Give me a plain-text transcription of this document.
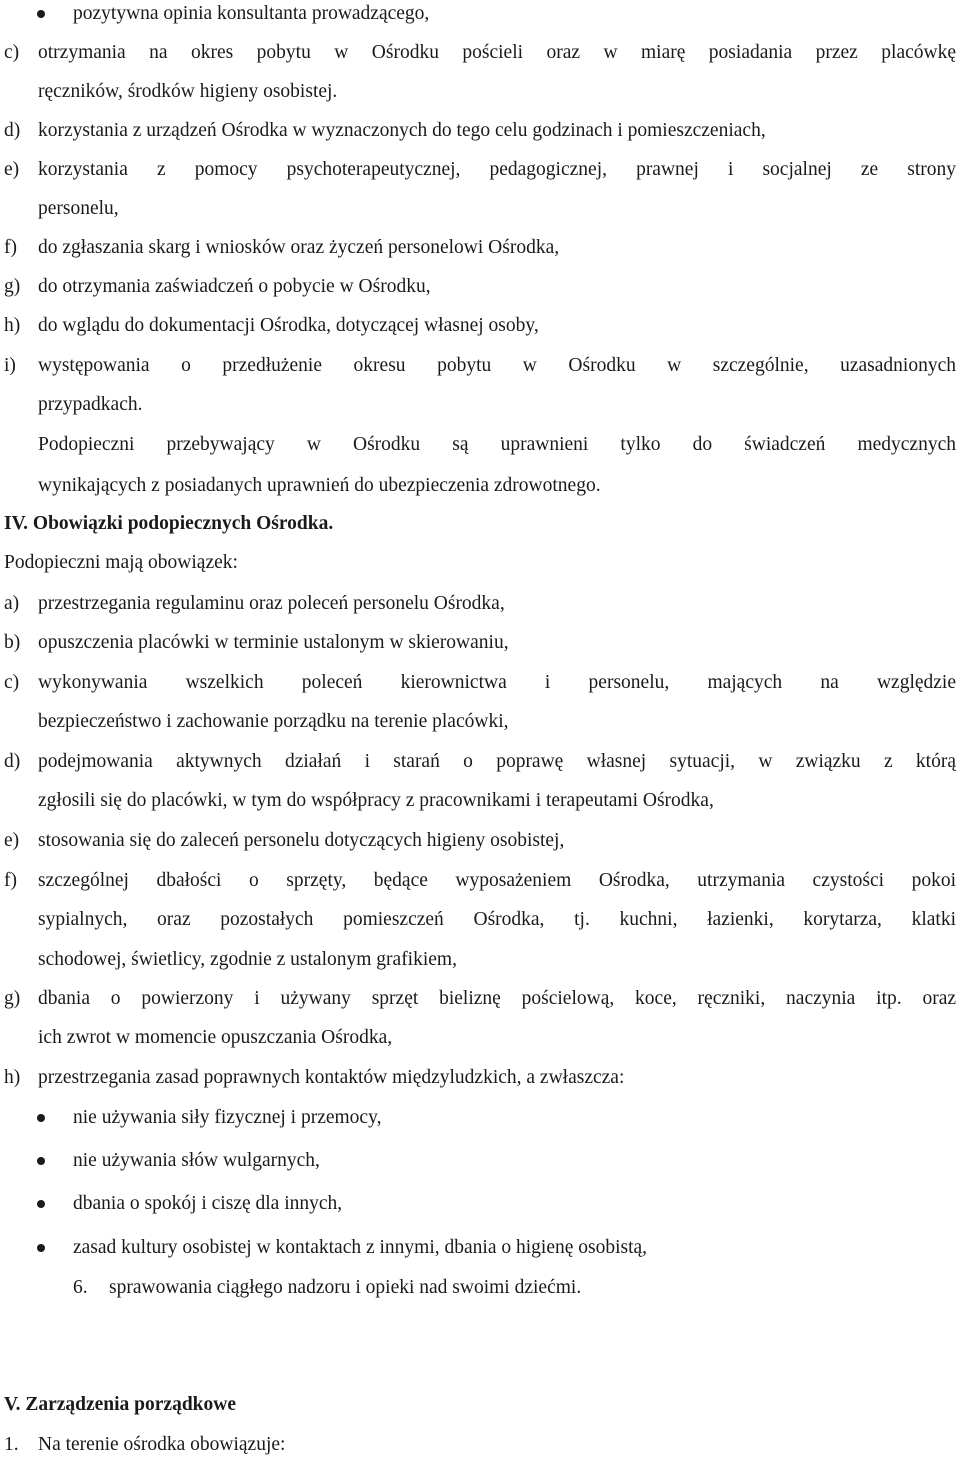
pozytywna opinia konsultanta prowadzącego,
c) otrzymania na okres pobytu w Ośrodku pościeli oraz w miarę posiadania przez placówkę
ręczników, środków higieny osobistej.
d) korzystania z urządzeń Ośrodka w wyznaczonych do tego celu godzinach i pomieszczeniach,
e) korzystania z pomocy psychoterapeutycznej, pedagogicznej, prawnej i socjalnej ze strony
personelu,
f) do zgłaszania skarg i wniosków oraz życzeń personelowi Ośrodka,
g) do otrzymania zaświadczeń o pobycie w Ośrodku,
h) do wglądu do dokumentacji Ośrodka, dotyczącej własnej osoby,
i) występowania o przedłużenie okresu pobytu w Ośrodku w szczególnie, uzasadnionych
przypadkach.
Podopieczni przebywający w Ośrodku są uprawnieni tylko do świadczeń medycznych
wynikających z posiadanych uprawnień do ubezpieczenia zdrowotnego.
IV. Obowiązki podopiecznych Ośrodka.
Podopieczni mają obowiązek:
a) przestrzegania regulaminu oraz poleceń personelu Ośrodka,
b) opuszczenia placówki w terminie ustalonym w skierowaniu,
c) wykonywania wszelkich poleceń kierownictwa i personelu, mających na względzie
bezpieczeństwo i zachowanie porządku na terenie placówki,
d) podejmowania aktywnych działań i starań o poprawę własnej sytuacji, w związku z którą
zgłosili się do placówki, w tym do współpracy z pracownikami i terapeutami Ośrodka,
e) stosowania się do zaleceń personelu dotyczących higieny osobistej,
f) szczególnej dbałości o sprzęty, będące wyposażeniem Ośrodka, utrzymania czystości pokoi
sypialnych, oraz pozostałych pomieszczeń Ośrodka, tj. kuchni, łazienki, korytarza, klatki
schodowej, świetlicy, zgodnie z ustalonym grafikiem,
g) dbania o powierzony i używany sprzęt bieliznę pościelową, koce, ręczniki, naczynia itp. oraz
ich zwrot w momencie opuszczania Ośrodka,
h) przestrzegania zasad poprawnych kontaktów międzyludzkich, a zwłaszcza:
nie używania siły fizycznej i przemocy,
nie używania słów wulgarnych,
dbania o spokój i ciszę dla innych,
zasad kultury osobistej w kontaktach z innymi, dbania o higienę osobistą,
6. sprawowania ciągłego nadzoru i opieki nad swoimi dziećmi.
V. Zarządzenia porządkowe
1. Na terenie ośrodka obowiązuje:
